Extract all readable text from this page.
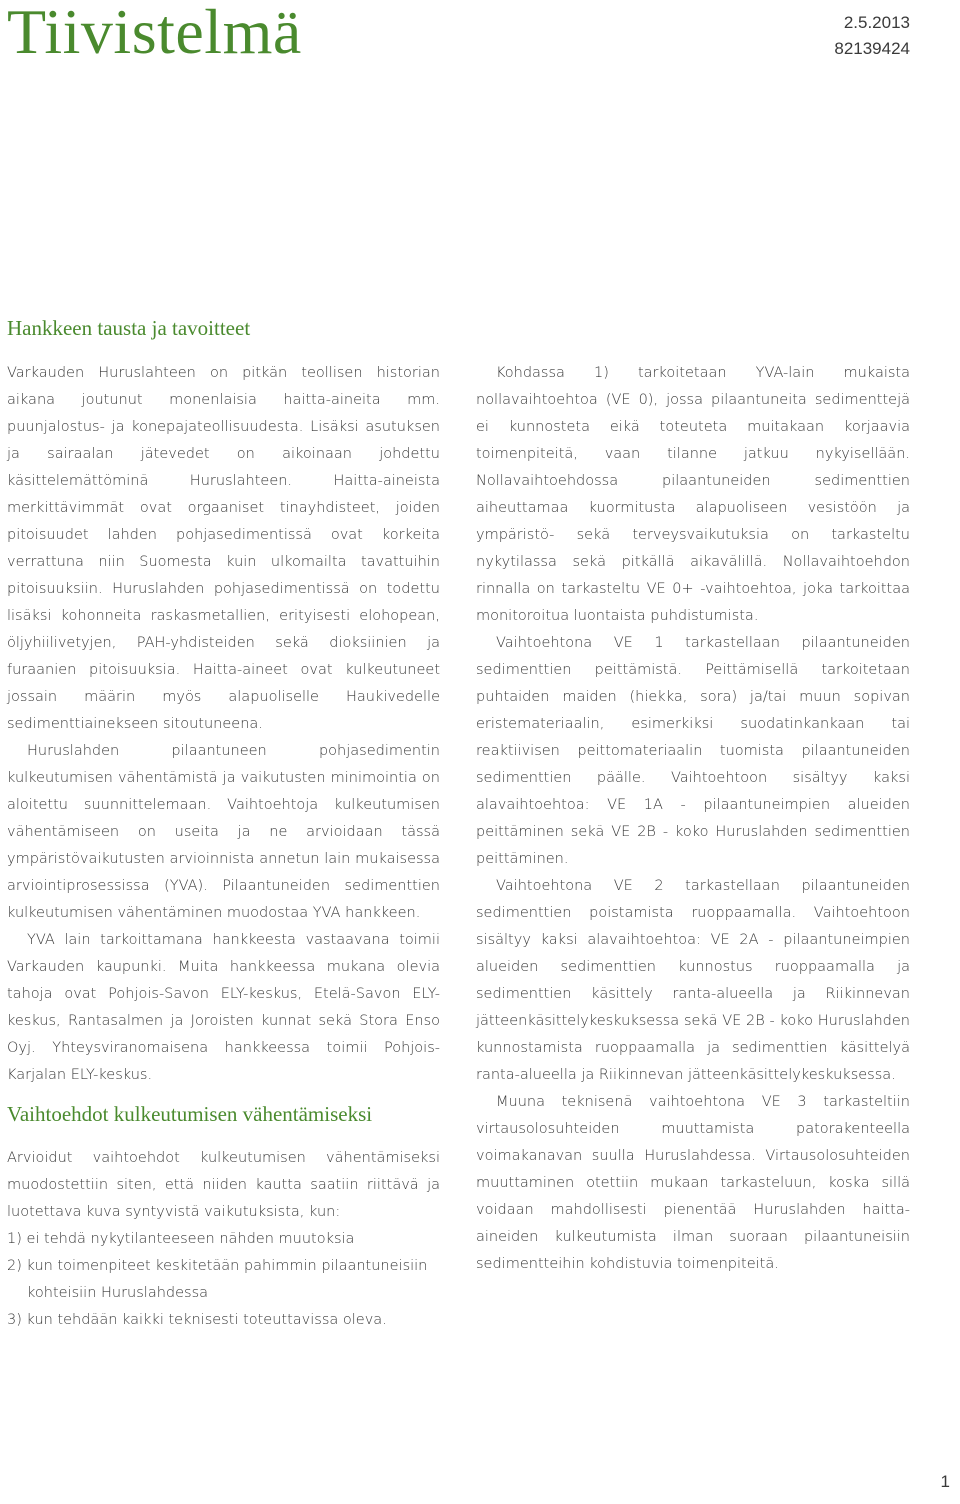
Tiivistelmä	2.5.2013
82139424
Hankkeen tausta ja tavoitteet

Varkauden Huruslahteen on pitkän teollisen historian aikana joutunut monenlaisia haitta-aineita mm. puunjalostus- ja konepajateollisuudesta. Lisäksi asutuksen ja sairaalan jätevedet on aikoinaan johdettu käsittelemättöminä Huruslahteen. Haitta-aineista merkittävimmät ovat orgaaniset tinayhdisteet, joiden pitoisuudet lahden pohjasedimentissä ovat korkeita verrattuna niin Suomesta kuin ulkomailta tavattuihin pitoisuuksiin. Huruslahden pohjasedimentissä on todettu lisäksi kohonneita raskasmetallien, erityisesti elohopean, öljyhiilivetyjen, PAH-yhdisteiden sekä dioksiinien ja furaanien pitoisuuksia. Haitta-aineet ovat kulkeutuneet jossain määrin myös alapuoliselle Haukivedelle sedimenttiainekseen sitoutuneena.

Huruslahden pilaantuneen pohjasedimentin kulkeutumisen vähentämistä ja vaikutusten minimointia on aloitettu suunnittelemaan. Vaihtoehtoja kulkeutumisen vähentämiseen on useita ja ne arvioidaan tässä ympäristövaikutusten arvioinnista annetun lain mukaisessa arviointiprosessissa (YVA). Pilaantuneiden sedimenttien kulkeutumisen vähentäminen muodostaa YVA hankkeen.

YVA lain tarkoittamana hankkeesta vastaavana toimii Varkauden kaupunki. Muita hankkeessa mukana olevia tahoja ovat Pohjois-Savon ELY-keskus, Etelä-Savon ELY-keskus, Rantasalmen ja Joroisten kunnat sekä Stora Enso Oyj. Yhteysviranomaisena hankkeessa toimii Pohjois-Karjalan ELY-keskus.

Vaihtoehdot kulkeutumisen vähentämiseksi

Arvioidut vaihtoehdot kulkeutumisen vähentämiseksi muodostettiin siten, että niiden kautta saatiin riittävä ja luotettava kuva syntyvistä vaikutuksista, kun:

1) ei tehdä nykytilanteeseen nähden muutoksia
2) kun toimenpiteet keskitetään pahimmin pilaantuneisiin
kohteisiin Huruslahdessa
3) kun tehdään kaikki teknisesti toteuttavissa oleva.

Kohdassa 1) tarkoitetaan YVA-lain mukaista nollavaihtoehtoa (VE 0), jossa pilaantuneita sedimenttejä ei kunnosteta eikä toteuteta muitakaan korjaavia toimenpiteitä, vaan tilanne jatkuu nykyisellään. Nollavaihtoehdossa pilaantuneiden sedimenttien aiheuttamaa kuormitusta alapuoliseen vesistöön ja ympäristö- sekä terveysvaikutuksia on tarkasteltu nykytilassa sekä pitkällä aikavälillä. Nollavaihtoehdon rinnalla on tarkasteltu VE 0+ -vaihtoehtoa, joka tarkoittaa monitoroitua luontaista puhdistumista.

Vaihtoehtona VE 1 tarkastellaan pilaantuneiden sedimenttien peittämistä. Peittämisellä tarkoitetaan puhtaiden maiden (hiekka, sora) ja/tai muun sopivan eristemateriaalin, esimerkiksi suodatinkankaan tai reaktiivisen peittomateriaalin tuomista pilaantuneiden sedimenttien päälle. Vaihtoehtoon sisältyy kaksi alavaihtoehtoa: VE 1A - pilaantuneimpien alueiden peittäminen sekä VE 2B - koko Huruslahden sedimenttien peittäminen.

Vaihtoehtona VE 2 tarkastellaan pilaantuneiden sedimenttien poistamista ruoppaamalla. Vaihtoehtoon sisältyy kaksi alavaihtoehtoa: VE 2A - pilaantuneimpien alueiden sedimenttien kunnostus ruoppaamalla ja sedimenttien käsittely ranta-alueella ja Riikinnevan jätteenkäsittelykeskuksessa sekä VE 2B - koko Huruslahden kunnostamista ruoppaamalla ja sedimenttien käsittelyä ranta-alueella ja Riikinnevan jätteenkäsittelykeskuksessa.

Muuna teknisenä vaihtoehtona VE 3 tarkasteltiin virtausolosuhteiden muuttamista patorakenteella voimakanavan suulla Huruslahdessa. Virtausolosuhteiden muuttaminen otettiin mukaan tarkasteluun, koska sillä voidaan mahdollisesti pienentää Huruslahden haitta-aineiden kulkeutumista ilman suoraan pilaantuneisiin sedimentteihin kohdistuvia toimenpiteitä.

1
